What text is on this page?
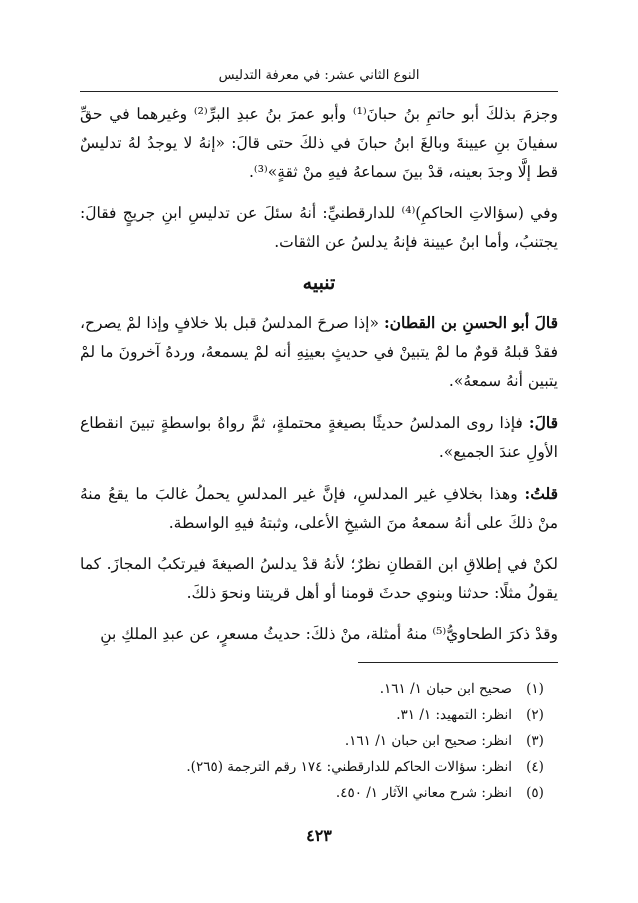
النوع الثاني عشر: في معرفة التدليس

وجزمَ بذلكَ أبو حاتمِ بنُ حبانَ⁽¹⁾ وأبو عمرَ بنُ عبدِ البرِّ⁽²⁾ وغيرهما في حقِّ سفيانَ بنِ عيينةَ وبالغَ ابنُ حبانَ في ذلكَ حتى قالَ: «إنهُ لا يوجدُ لهُ تدليسٌ قط إلَّا وجدَ بعينه، قدْ بينَ سماعهُ فيهِ منْ ثقةٍ»⁽³⁾.

وفي (سؤالاتِ الحاكمِ)⁽⁴⁾ للدارقطنيِّ: أنهُ سئلَ عن تدليسِ ابنِ جريجٍ فقالَ: يجتنبُ، وأما ابنُ عيينة فإنهُ يدلسُ عن الثقات.

تنبيه

قالَ أبو الحسنِ بن القطان: «إذا صرحَ المدلسُ قبل بلا خلافٍ وإذا لمْ يصرح، فقدْ قبلهُ قومٌ ما لمْ يتبينْ في حديثٍ بعينِهِ أنه لمْ يسمعهُ، وردهُ آخرونَ ما لمْ يتبين أنهُ سمعهُ».

قالَ: فإذا روى المدلسُ حديثًا بصيغةٍ محتملةٍ، ثمَّ رواهُ بواسطةٍ تبينَ انقطاع الأولِ عندَ الجميع».

قلتُ: وهذا بخلافِ غير المدلسِ، فإنَّ غير المدلسِ يحملُ غالبَ ما يقعُ منهُ منْ ذلكَ على أنهُ سمعهُ منَ الشيخِ الأعلى، وثبتهُ فيهِ الواسطة.

لكنْ في إطلاقِ ابن القطانِ نظرٌ؛ لأنهُ قدْ يدلسُ الصيغةَ فيرتكبُ المجازَ. كما يقولُ مثلًا: حدثنا وبنوي حدثَ قومنا أو أهل قريتنا ونحوَ ذلكَ.

وقدْ ذكرَ الطحاويُّ⁽⁵⁾ منهُ أمثلة، منْ ذلكَ: حديثُ مسعرٍ، عن عبدِ الملكِ بنِ

(١)
صحيح ابن حبان ١/ ١٦١.
(٢)
انظر: التمهيد: ١/ ٣١.
(٣)
انظر: صحيح ابن حبان ١/ ١٦١.
(٤)
انظر: سؤالات الحاكم للدارقطني: ١٧٤ رقم الترجمة (٢٦٥).
(٥)
انظر: شرح معاني الآثار ١/ ٤٥٠.
٤٢٣
